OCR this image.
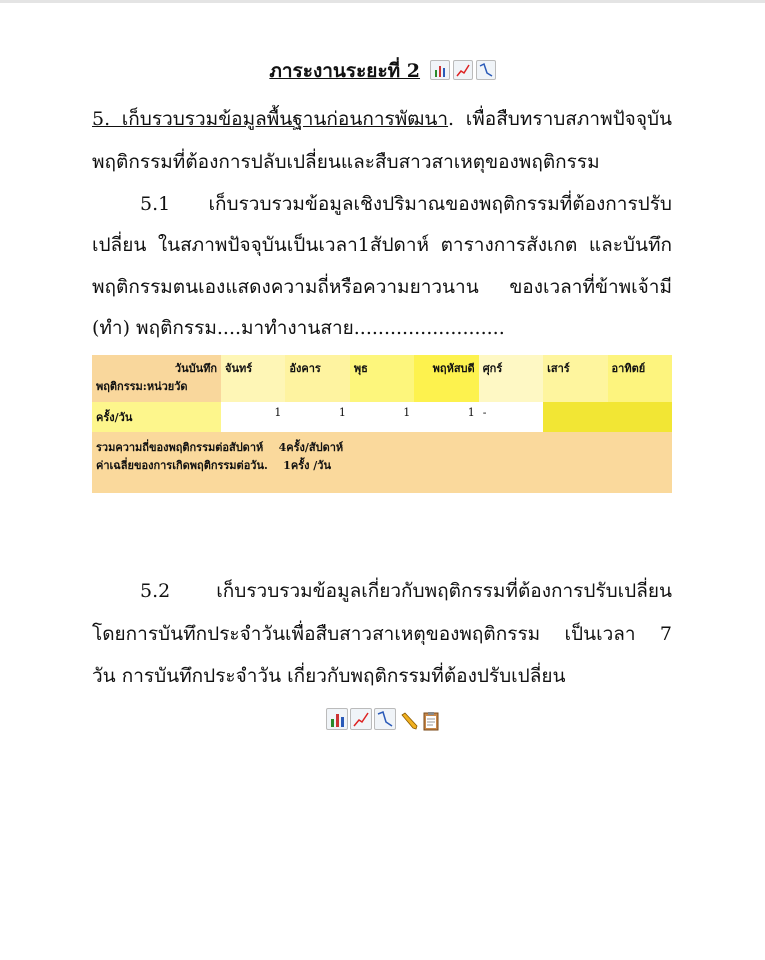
ภาระงานระยะที่ 2
5. เก็บรวบรวมข้อมูลพื้นฐานก่อนการพัฒนา. เพื่อสืบทราบสภาพปัจจุบัน
พฤติกรรมที่ต้องการปลับเปลี่ยนและสืบสาวสาเหตุของพฤติกรรม
5.1 เก็บรวบรวมข้อมูลเชิงปริมาณของพฤติกรรมที่ต้องการปรับ
เปลี่ยน ในสภาพปัจจุบันเป็นเวลา1สัปดาห์ ตารางการสังเกต และบันทึก
พฤติกรรมตนเองแสดงความถี่หรือความยาวนาน ของเวลาที่ข้าพเจ้ามี
(ทำ) พฤติกรรม....มาทำงานสาย.........................
วันบันทึก
พฤติกรรม:หน่วยวัด	จันทร์	อังคาร	พุธ	พฤหัสบดี	ศุกร์	เสาร์	อาทิตย์
ครั้ง/วัน	1	1	1	1	-		

รวมความถี่ของพฤติกรรมต่อสัปดาห์ 4ครั้ง/สัปดาห์
ค่าเฉลี่ยของการเกิดพฤติกรรมต่อวัน. 1ครั้ง /วัน							
5.2 เก็บรวบรวมข้อมูลเกี่ยวกับพฤติกรรมที่ต้องการปรับเปลี่ยน
โดยการบันทึกประจำวันเพื่อสืบสาวสาเหตุของพฤติกรรม เป็นเวลา 7
วัน การบันทึกประจำวัน เกี่ยวกับพฤติกรรมที่ต้องปรับเปลี่ยน
